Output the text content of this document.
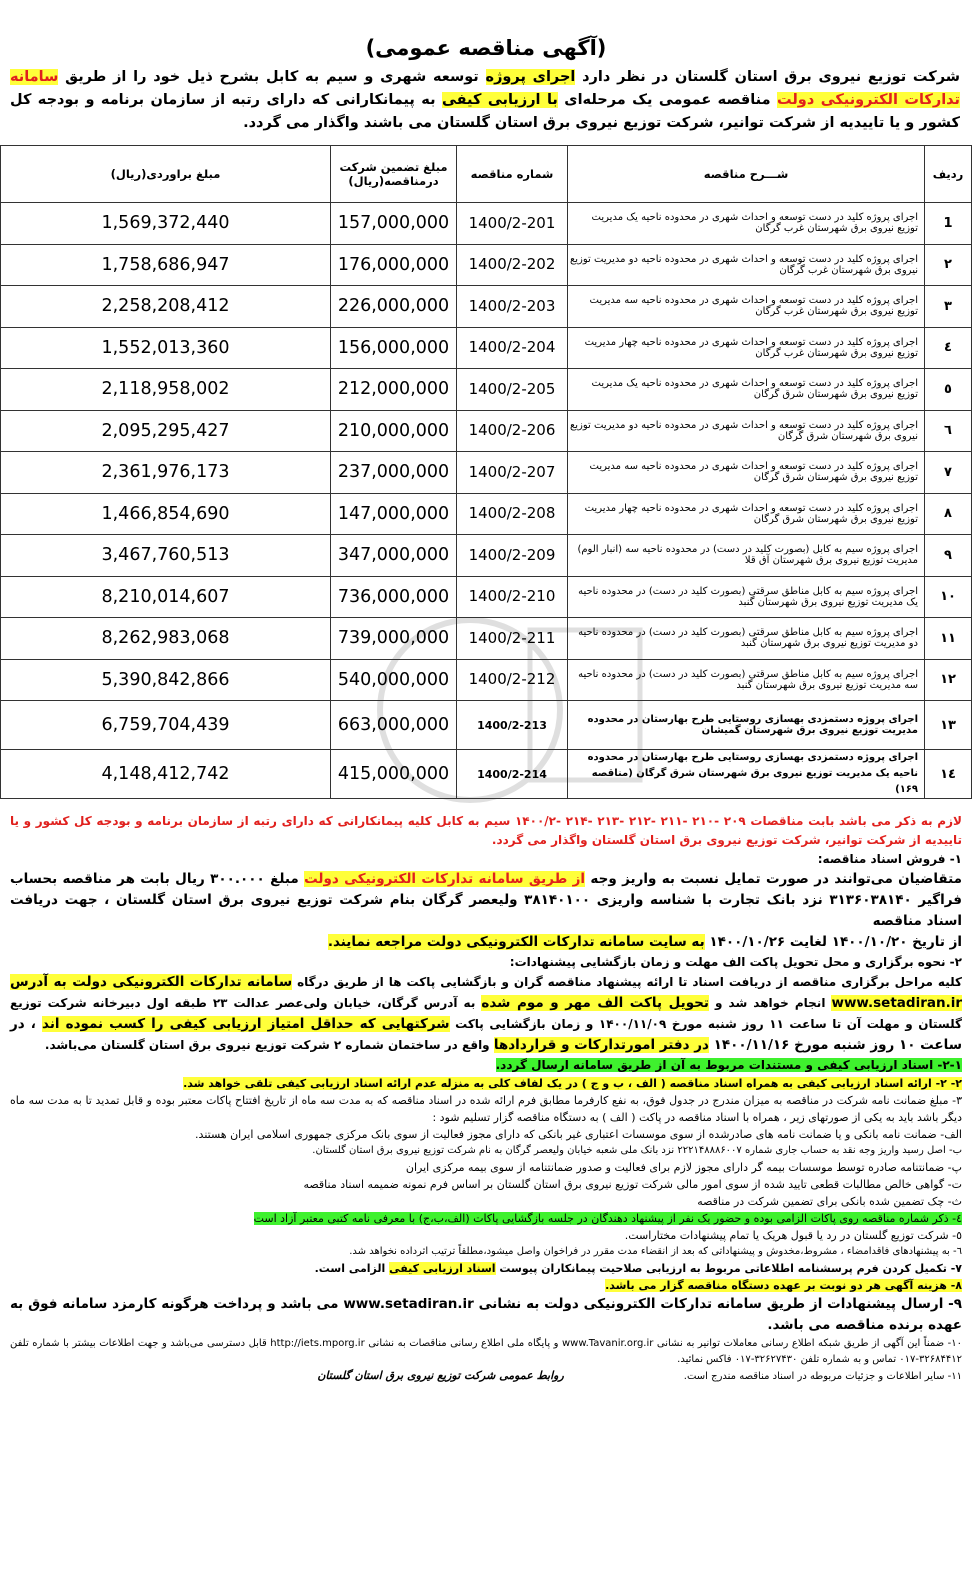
(آگهی مناقصه عمومی)
شرکت توزیع نیروی برق استان گلستان در نظر دارد اجرای پروژه توسعه شهری و سیم به کابل بشرح ذیل خود را از طریق سامانه تدارکات الکترونیکی دولت مناقصه عمومی یک مرحله‌ای با ارزیابی کیفی به پیمانکارانی که دارای رتبه از سازمان برنامه و بودجه کل کشور و یا تاییدیه از شرکت توانیر، شرکت توزیع نیروی برق استان گلستان می باشند واگذار می گردد.
ردیف	شـــرح مناقصه	شماره مناقصه	مبلغ تضمین شرکت درمناقصه(ریال)	مبلغ براوردی(ریال)
1	اجرای پروژه کلید در دست توسعه و احداث شهری در محدوده ناحیه یک مدیریت توزیع نیروی برق شهرستان غرب گرگان	1400/2-201	157,000,000	1,569,372,440
۲	اجرای پروژه کلید در دست توسعه و احداث شهری در محدوده ناحیه دو مدیریت توزیع نیروی برق شهرستان غرب گرگان	1400/2-202	176,000,000	1,758,686,947
۳	اجرای پروژه کلید در دست توسعه و احداث شهری در محدوده ناحیه سه مدیریت توزیع نیروی برق شهرستان غرب گرگان	1400/2-203	226,000,000	2,258,208,412
٤	اجرای پروژه کلید در دست توسعه و احداث شهری در محدوده ناحیه چهار مدیریت توزیع نیروی برق شهرستان غرب گرگان	1400/2-204	156,000,000	1,552,013,360
٥	اجرای پروژه کلید در دست توسعه و احداث شهری در محدوده ناحیه یک مدیریت توزیع نیروی برق شهرستان شرق گرگان	1400/2-205	212,000,000	2,118,958,002
٦	اجرای پروژه کلید در دست توسعه و احداث شهری در محدوده ناحیه دو مدیریت توزیع نیروی برق شهرستان شرق گرگان	1400/2-206	210,000,000	2,095,295,427
۷	اجرای پروژه کلید در دست توسعه و احداث شهری در محدوده ناحیه سه مدیریت توزیع نیروی برق شهرستان شرق گرگان	1400/2-207	237,000,000	2,361,976,173
۸	اجرای پروژه کلید در دست توسعه و احداث شهری در محدوده ناحیه چهار مدیریت توزیع نیروی برق شهرستان شرق گرگان	1400/2-208	147,000,000	1,466,854,690
۹	اجرای پروژه سیم به کابل (بصورت کلید در دست) در محدوده ناحیه سه (انبار الوم) مدیریت توزیع نیروی برق شهرستان آق قلا	1400/2-209	347,000,000	3,467,760,513
۱۰	اجرای پروژه سیم به کابل مناطق سرقتی (بصورت کلید در دست) در محدوده ناحیه یک مدیریت توزیع نیروی برق شهرستان گنبد	1400/2-210	736,000,000	8,210,014,607
۱۱	اجرای پروژه سیم به کابل مناطق سرقتی (بصورت کلید در دست) در محدوده ناحیه دو مدیریت توزیع نیروی برق شهرستان گنبد	1400/2-211	739,000,000	8,262,983,068
۱۲	اجرای پروژه سیم به کابل مناطق سرقتی (بصورت کلید در دست) در محدوده ناحیه سه مدیریت توزیع نیروی برق شهرستان گنبد	1400/2-212	540,000,000	5,390,842,866
۱۳	اجرای پروژه دستمزدی بهسازی روستایی طرح بهارستان در محدوده مدیریت توزیع نیروی برق شهرستان گمیشان	1400/2-213	663,000,000	6,759,704,439
۱٤	اجرای پروژه دستمزدی بهسازی روستایی طرح بهارستان در محدوده ناحیه یک مدیریت توزیع نیروی برق شهرستان شرق گرگان (مناقصه ۱۶۹)	1400/2-214	415,000,000	4,148,412,742

لازم به ذکر می باشد بابت مناقصات ۲۰۹ -۲۱۰ -۲۱۱ -۲۱۲ -۲۱۳ -۲۱۴ -۱۴۰۰/۲ سیم به کابل کلیه پیمانکارانی که دارای رتبه از سازمان برنامه و بودجه کل کشور و یا تاییدیه از شرکت توانیر، شرکت توزیع نیروی برق استان گلستان واگذار می گردد.

۱- فروش اسناد مناقصه:

متقاضیان می‌توانند در صورت تمایل نسبت به واریز وجه از طریق سامانه تدارکات الکترونیکی دولت مبلغ ۳۰۰.۰۰۰ ریال بابت هر مناقصه بحساب فراگیر ۳۱۳۶۰۳۸۱۴۰ نزد بانک تجارت با شناسه واریزی ۳۸۱۴۰۱۰۰ ولیعصر گرگان بنام شرکت توزیع نیروی برق استان گلستان ، جهت دریافت اسناد مناقصه

از تاریخ ۱۴۰۰/۱۰/۲۰ لغایت ۱۴۰۰/۱۰/۲۶ به سایت سامانه تدارکات الکترونیکی دولت مراجعه نمایند.

۲- نحوه برگزاری و محل تحویل پاکت الف مهلت و زمان بازگشایی پیشنهادات:

کلیه مراحل برگزاری مناقصه از دریافت اسناد تا ارائه پیشنهاد مناقصه گران و بازگشایی پاکت ها از طریق درگاه سامانه تدارکات الکترونیکی دولت به آدرس www.setadiran.ir انجام خواهد شد و تحویل پاکت الف مهر و موم شده به آدرس گرگان، خیابان ولی‌عصر عدالت ۲۳ طبقه اول دبیرخانه شرکت توزیع گلستان و مهلت آن تا ساعت ۱۱ روز شنبه مورخ ۱۴۰۰/۱۱/۰۹ و زمان بازگشایی پاکت شرکتهایی که حداقل امتیاز ارزیابی کیفی را کسب نموده اند ، در ساعت ۱۰ روز شنبه مورخ ۱۴۰۰/۱۱/۱۶ در دفتر امورتدارکات و قراردادها واقع در ساختمان شماره ۲ شرکت توزیع نیروی برق استان گلستان می‌باشد.

۲-۱- اسناد ارزیابی کیفی و مستندات مربوط به آن از طریق سامانه ارسال گردد.

۲- ۲- ارائه اسناد ارزیابی کیفی به همراه اسناد مناقصه ( الف ، ب و ج ) در یک لفاف کلی به منزله عدم ارائه اسناد ارزیابی کیفی تلقی خواهد شد.

۳- مبلغ ضمانت نامه شرکت در مناقصه به میزان مندرج در جدول فوق، به نفع کارفرما مطابق فرم ارائه شده در اسناد مناقصه که به مدت سه ماه از تاریخ افتتاح پاکات معتبر بوده و قابل تمدید تا به مدت سه ماه دیگر باشد باید به یکی از صورتهای زیر ، همراه با اسناد مناقصه در پاکت ( الف ) به دستگاه مناقصه گزار تسلیم شود :

الف- ضمانت نامه بانکی و یا ضمانت نامه های صادرشده از سوی موسسات اعتباری غیر بانکی که دارای مجوز فعالیت از سوی بانک مرکزی جمهوری اسلامی ایران هستند.

ب- اصل رسید واریز وجه نقد به حساب جاری شماره ۲۲۲۱۴۸۸۸۶۰۰۷ نزد بانک ملی شعبه خیابان ولیعصر گرگان به نام شرکت توزیع نیروی برق استان گلستان.

پ- ضمانتنامه صادره توسط موسسات بیمه گر دارای مجوز لازم برای فعالیت و صدور ضمانتنامه از سوی بیمه مرکزی ایران

ت- گواهی خالص مطالبات قطعی تایید شده از سوی امور مالی شرکت توزیع نیروی برق استان گلستان بر اساس فرم نمونه ضمیمه اسناد مناقصه

ث- چک تضمین شده بانکی برای تضمین شرکت در مناقصه

٤- ذکر شماره مناقصه روی پاکات الزامی بوده و حضور یک نفر از پیشنهاد دهندگان در جلسه بازگشایی پاکات (الف،ب،ج) با معرفی نامه کتبی معتبر آزاد است

٥- شرکت توزیع گلستان در رد یا قبول هریک یا تمام پیشنهادات مختاراست.

٦- به پیشنهادهای فاقدامضاء ، مشروط،مخدوش و پیشنهاداتی که بعد از انقضاء مدت مقرر در فراخوان واصل میشود،مطلقاً ترتیب اثرداده نخواهد شد.

۷- تکمیل کردن فرم پرسشنامه اطلاعاتی مربوط به ارزیابی صلاحیت پیمانکاران پیوست اسناد ارزیابی کیفی الزامی است.

۸- هزینه آگهی هر دو نوبت بر عهده دستگاه مناقصه گزار می باشد.

۹- ارسال پیشنهادات از طریق سامانه تدارکات الکترونیکی دولت به نشانی www.setadiran.ir می باشد و پرداخت هرگونه کارمزد سامانه فوق به عهده برنده مناقصه می باشد.

۱۰- ضمناً این آگهی از طریق شبکه اطلاع رسانی معاملات توانیر به نشانی www.Tavanir.org.ir و پایگاه ملی اطلاع رسانی مناقصات به نشانی http://iets.mporg.ir قابل دسترسی می‌باشد و جهت اطلاعات بیشتر با شماره تلفن ۳۲۶۸۴۴۱۲-۰۱۷ تماس و به شماره تلفن ۳۲۶۲۷۴۳۰-۰۱۷ فاکس نمائید.

۱۱- سایر اطلاعات و جزئیات مربوطه در اسناد مناقصه مندرج است.روابط عمومی شرکت توزیع نیروی برق استان گلستان
